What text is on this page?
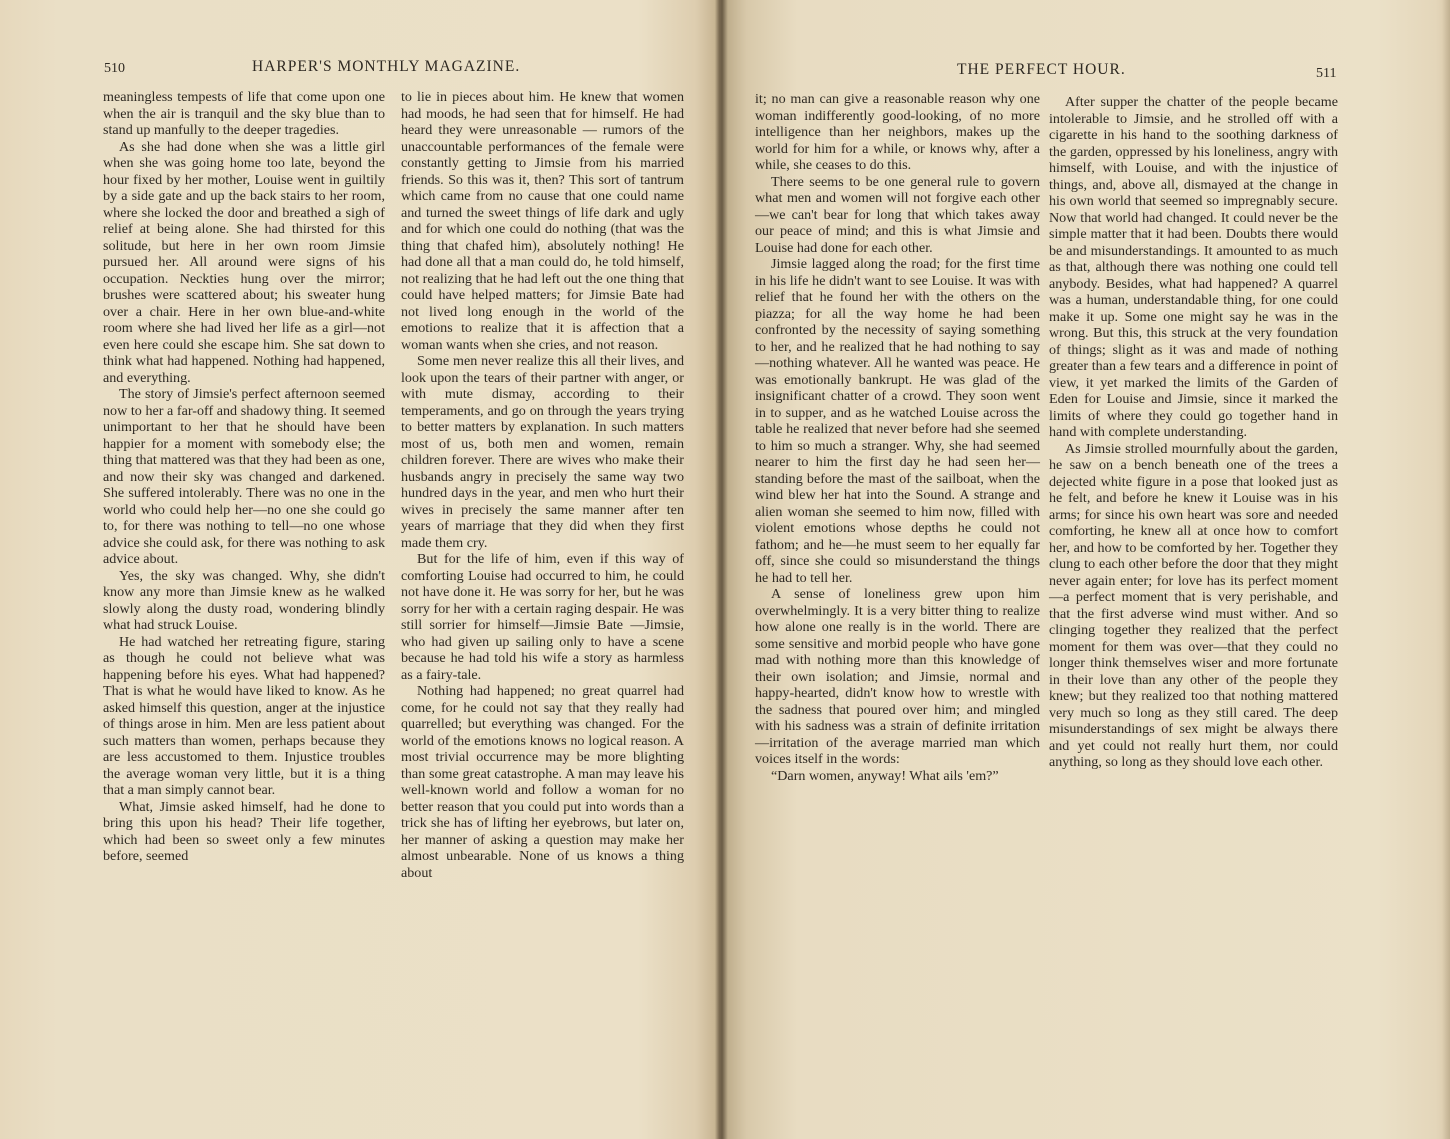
510	HARPER'S MONTHLY MAGAZINE.

meaningless tempests of life that come upon one when the air is tranquil and the sky blue than to stand up manfully to the deeper tragedies.

As she had done when she was a little girl when she was going home too late, beyond the hour fixed by her mother, Louise went in guiltily by a side gate and up the back stairs to her room, where she locked the door and breathed a sigh of relief at being alone. She had thirsted for this solitude, but here in her own room Jimsie pursued her. All around were signs of his occupation. Neckties hung over the mirror; brushes were scattered about; his sweater hung over a chair. Here in her own blue-and-white room where she had lived her life as a girl—not even here could she escape him. She sat down to think what had happened. Nothing had happened, and everything.

The story of Jimsie's perfect afternoon seemed now to her a far-off and shadowy thing. It seemed unimportant to her that he should have been happier for a moment with somebody else; the thing that mattered was that they had been as one, and now their sky was changed and darkened. She suffered intolerably. There was no one in the world who could help her—no one she could go to, for there was nothing to tell—no one whose advice she could ask, for there was nothing to ask advice about.

Yes, the sky was changed. Why, she didn't know any more than Jimsie knew as he walked slowly along the dusty road, wondering blindly what had struck Louise.

He had watched her retreating figure, staring as though he could not believe what was happening before his eyes. What had happened? That is what he would have liked to know. As he asked himself this question, anger at the injustice of things arose in him. Men are less patient about such matters than women, perhaps because they are less accustomed to them. Injustice troubles the average woman very little, but it is a thing that a man simply cannot bear.

What, Jimsie asked himself, had he done to bring this upon his head? Their life together, which had been so sweet only a few minutes before, seemed

to lie in pieces about him. He knew that women had moods, he had seen that for himself. He had heard they were unreasonable — rumors of the unaccountable performances of the female were constantly getting to Jimsie from his married friends. So this was it, then? This sort of tantrum which came from no cause that one could name and turned the sweet things of life dark and ugly and for which one could do nothing (that was the thing that chafed him), absolutely nothing! He had done all that a man could do, he told himself, not realizing that he had left out the one thing that could have helped matters; for Jimsie Bate had not lived long enough in the world of the emotions to realize that it is affection that a woman wants when she cries, and not reason.

Some men never realize this all their lives, and look upon the tears of their partner with anger, or with mute dismay, according to their temperaments, and go on through the years trying to better matters by explanation. In such matters most of us, both men and women, remain children forever. There are wives who make their husbands angry in precisely the same way two hundred days in the year, and men who hurt their wives in precisely the same manner after ten years of marriage that they did when they first made them cry.

But for the life of him, even if this way of comforting Louise had occurred to him, he could not have done it. He was sorry for her, but he was sorry for her with a certain raging despair. He was still sorrier for himself—Jimsie Bate —Jimsie, who had given up sailing only to have a scene because he had told his wife a story as harmless as a fairy-tale.

Nothing had happened; no great quarrel had come, for he could not say that they really had quarrelled; but everything was changed. For the world of the emotions knows no logical reason. A most trivial occurrence may be more blighting than some great catastrophe. A man may leave his well-known world and follow a woman for no better reason that you could put into words than a trick she has of lifting her eyebrows, but later on, her manner of asking a question may make her almost unbearable. None of us knows a thing about

THE PERFECT HOUR.	511

it; no man can give a reasonable reason why one woman indifferently good-looking, of no more intelligence than her neighbors, makes up the world for him for a while, or knows why, after a while, she ceases to do this.

There seems to be one general rule to govern what men and women will not forgive each other—we can't bear for long that which takes away our peace of mind; and this is what Jimsie and Louise had done for each other.

Jimsie lagged along the road; for the first time in his life he didn't want to see Louise. It was with relief that he found her with the others on the piazza; for all the way home he had been confronted by the necessity of saying something to her, and he realized that he had nothing to say—nothing whatever. All he wanted was peace. He was emotionally bankrupt. He was glad of the insignificant chatter of a crowd. They soon went in to supper, and as he watched Louise across the table he realized that never before had she seemed to him so much a stranger. Why, she had seemed nearer to him the first day he had seen her—standing before the mast of the sailboat, when the wind blew her hat into the Sound. A strange and alien woman she seemed to him now, filled with violent emotions whose depths he could not fathom; and he—he must seem to her equally far off, since she could so misunderstand the things he had to tell her.

A sense of loneliness grew upon him overwhelmingly. It is a very bitter thing to realize how alone one really is in the world. There are some sensitive and morbid people who have gone mad with nothing more than this knowledge of their own isolation; and Jimsie, normal and happy-hearted, didn't know how to wrestle with the sadness that poured over him; and mingled with his sadness was a strain of definite irritation—irritation of the average married man which voices itself in the words:

“Darn women, anyway! What ails 'em?”

After supper the chatter of the people became intolerable to Jimsie, and he strolled off with a cigarette in his hand to the soothing darkness of the garden, oppressed by his loneliness, angry with himself, with Louise, and with the injustice of things, and, above all, dismayed at the change in his own world that seemed so impregnably secure. Now that world had changed. It could never be the simple matter that it had been. Doubts there would be and misunderstandings. It amounted to as much as that, although there was nothing one could tell anybody. Besides, what had happened? A quarrel was a human, understandable thing, for one could make it up. Some one might say he was in the wrong. But this, this struck at the very foundation of things; slight as it was and made of nothing greater than a few tears and a difference in point of view, it yet marked the limits of the Garden of Eden for Louise and Jimsie, since it marked the limits of where they could go together hand in hand with complete understanding.

As Jimsie strolled mournfully about the garden, he saw on a bench beneath one of the trees a dejected white figure in a pose that looked just as he felt, and before he knew it Louise was in his arms; for since his own heart was sore and needed comforting, he knew all at once how to comfort her, and how to be comforted by her. Together they clung to each other before the door that they might never again enter; for love has its perfect moment—a perfect moment that is very perishable, and that the first adverse wind must wither. And so clinging together they realized that the perfect moment for them was over—that they could no longer think themselves wiser and more fortunate in their love than any other of the people they knew; but they realized too that nothing mattered very much so long as they still cared. The deep misunderstandings of sex might be always there and yet could not really hurt them, nor could anything, so long as they should love each other.
